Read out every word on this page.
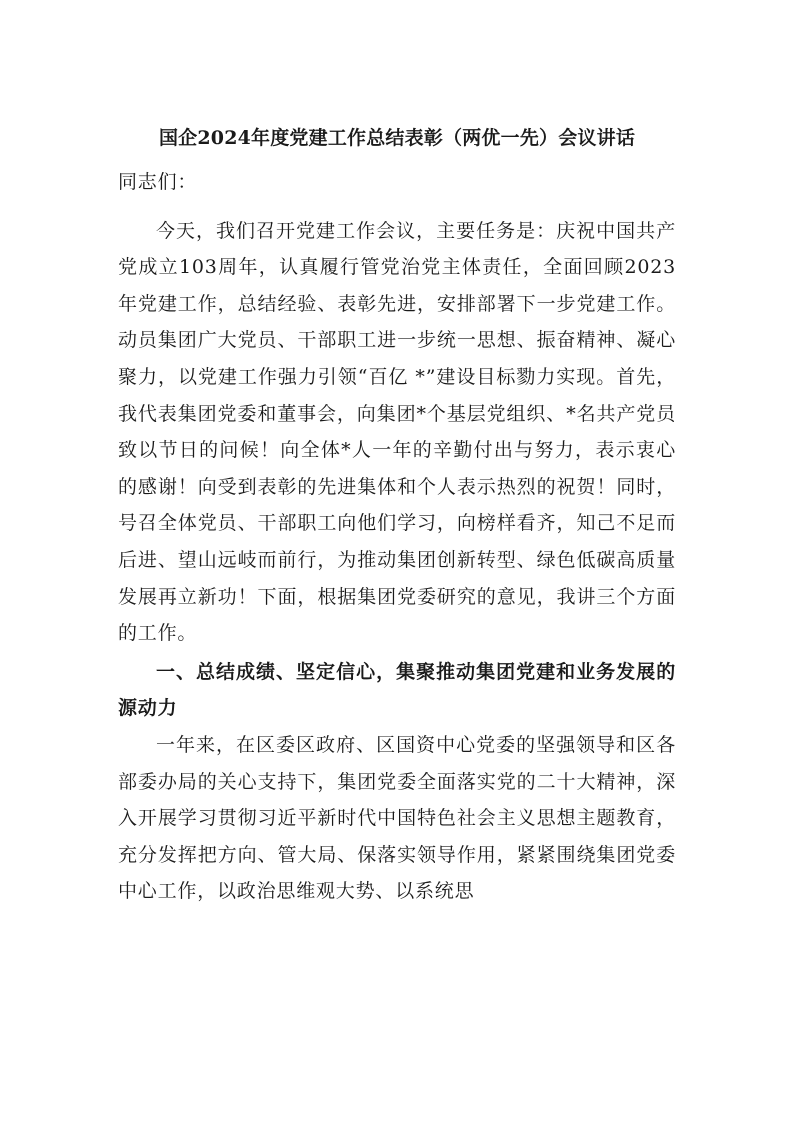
国企2024年度党建工作总结表彰（两优一先）会议讲话

同志们：

今天，我们召开党建工作会议，主要任务是：庆祝中国共产党成立103周年，认真履行管党治党主体责任，全面回顾2023年党建工作，总结经验、表彰先进，安排部署下一步党建工作。动员集团广大党员、干部职工进一步统一思想、振奋精神、凝心聚力，以党建工作强力引领“百亿 *”建设目标勠力实现。首先，我代表集团党委和董事会，向集团*个基层党组织、*名共产党员致以节日的问候！向全体*人一年的辛勤付出与努力，表示衷心的感谢！向受到表彰的先进集体和个人表示热烈的祝贺！同时，号召全体党员、干部职工向他们学习，向榜样看齐，知己不足而后进、望山远岐而前行，为推动集团创新转型、绿色低碳高质量发展再立新功！下面，根据集团党委研究的意见，我讲三个方面的工作。

一、总结成绩、坚定信心，集聚推动集团党建和业务发展的源动力

一年来，在区委区政府、区国资中心党委的坚强领导和区各部委办局的关心支持下，集团党委全面落实党的二十大精神，深入开展学习贯彻习近平新时代中国特色社会主义思想主题教育，充分发挥把方向、管大局、保落实领导作用，紧紧围绕集团党委中心工作，以政治思维观大势、以系统思
